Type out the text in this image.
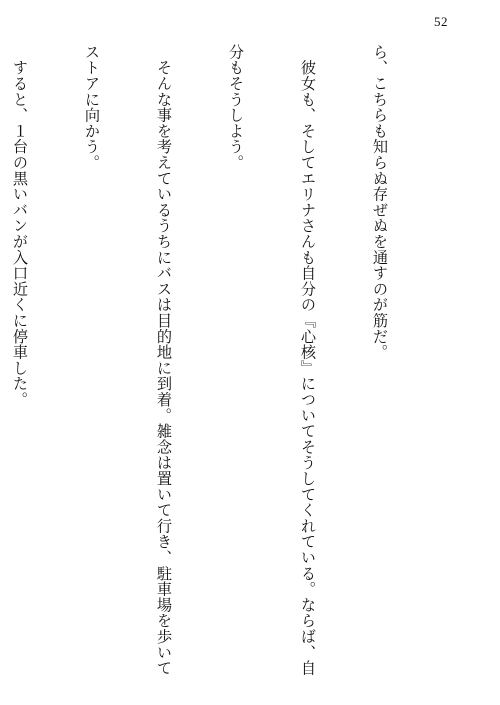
52

ら、こちらも知らぬ存ぜぬを通すのが筋だ。

　彼女も、そしてエリナさんも自分の『心核』についてそうしてくれている。ならば、自

分もそうしよう。

　そんな事を考えているうちにバスは目的地に到着。雑念は置いて行き、駐車場を歩いて

ストアに向かう。

　すると、１台の黒いバンが入口近くに停車した。
